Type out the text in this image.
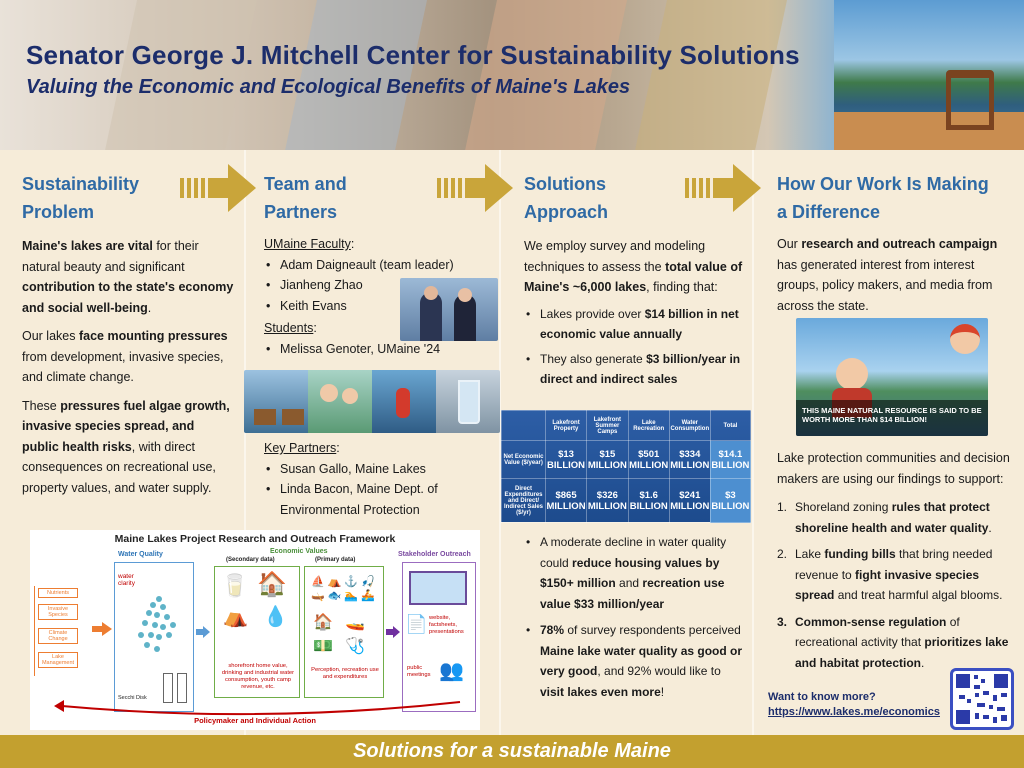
Senator George J. Mitchell Center for Sustainability Solutions
Valuing the Economic and Ecological Benefits of Maine's Lakes
Sustainability
Problem

Maine's lakes are vital for their natural beauty and significant contribution to the state's economy and social well-being.

Our lakes face mounting pressures from development, invasive species, and climate change.

These pressures fuel algae growth, invasive species spread, and public health risks, with direct consequences on recreational use, property values, and water supply.

Team and
Partners

UMaine Faculty:

• Adam Daigneault (team leader)
• Jianheng Zhao
• Keith Evans

Students:

• Melissa Genoter, UMaine '24

Key Partners:

• Susan Gallo, Maine Lakes
• Linda Bacon, Maine Dept. of Environmental Protection
Solutions
Approach

We employ survey and modeling techniques to assess the total value of Maine's ~6,000 lakes, finding that:

• Lakes provide over $14 billion in net economic value annually
• They also generate $3 billion/year in direct and indirect sales
	Lakefront Property	Lakefront Summer Camps	Lake Recreation	Water Consumption	Total
Net Economic Value ($/year)	$13 BILLION	$15 MILLION	$501 MILLION	$334 MILLION	$14.1 BILLION
Direct Expenditures and Direct/ Indirect Sales ($/yr)	$865 MILLION	$326 MILLION	$1.6 BILLION	$241 MILLION	$3 BILLION
• A moderate decline in water quality could reduce housing values by $150+ million and recreation use value $33 million/year
• 78% of survey respondents perceived Maine lake water quality as good or very good, and 92% would like to visit lakes even more!
How Our Work Is Making
a Difference

Our research and outreach campaign has generated interest from interest groups, policy makers, and media from across the state.

THIS MAINE NATURAL RESOURCE IS SAID TO BE WORTH MORE THAN $14 BILLION!

Lake protection communities and decision makers are using our findings to support:

1. Shoreland zoning rules that protect shoreline health and water quality.
2. Lake funding bills that bring needed revenue to fight invasive species spread and treat harmful algal blooms.
3. Common-sense regulation of recreational activity that prioritizes lake and habitat protection.
Want to know more?
https://www.lakes.me/economics
Maine Lakes Project Research and Outreach Framework
Water Quality	Economic Values
(Secondary data)	(Primary data)
Stakeholder Outreach
Nutrients
Invasive Species
Climate Change
Lake Management
water clarity
Secchi Disk
🥛 🏠
⛺ 💧
shorefront home value, drinking and industrial water consumption, youth camp revenue, etc.
⛵⛺⚓🎣
🛶🐟🏊🚣
🏠 🚤
💵 🩺
Perception, recreation use and expenditures
📄 website, factsheets, presentations
public meetings 👥
Policymaker and Individual Action
Solutions for a sustainable Maine
